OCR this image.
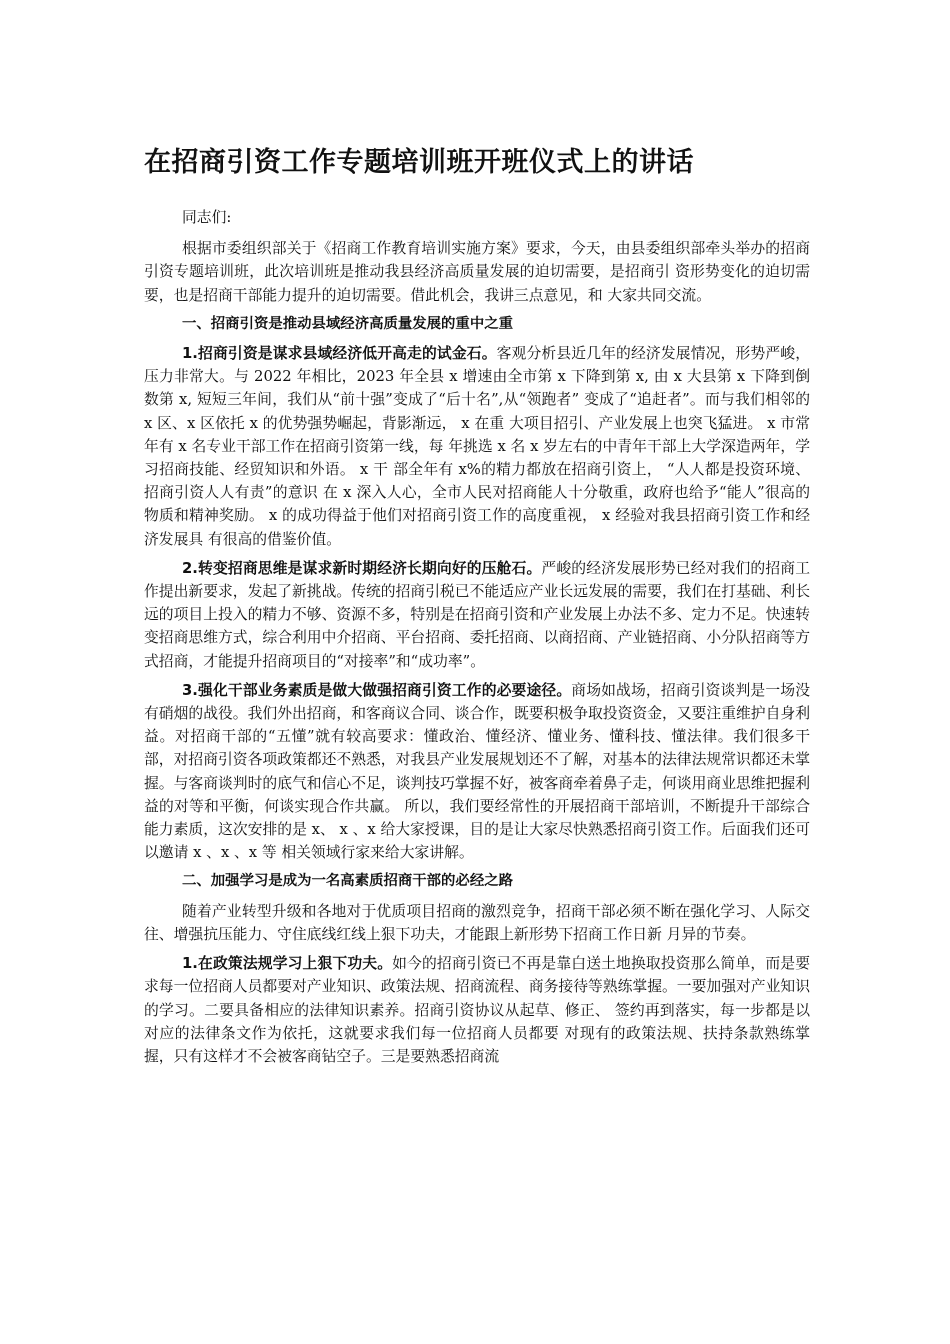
在招商引资工作专题培训班开班仪式上的讲话

同志们:

根据市委组织部关于《招商工作教育培训实施方案》要求，今天，由县委组织部牵头举办的招商引资专题培训班，此次培训班是推动我县经济高质量发展的迫切需要，是招商引 资形势变化的迫切需要，也是招商干部能力提升的迫切需要。借此机会，我讲三点意见，和 大家共同交流。

一、招商引资是推动县域经济高质量发展的重中之重

1.招商引资是谋求县域经济低开高走的试金石。客观分析县近几年的经济发展情况，形势严峻，压力非常大。与 2022 年相比，2023 年全县 x 增速由全市第 x 下降到第 x, 由 x 大县第 x 下降到倒数第 x, 短短三年间，我们从“前十强”变成了“后十名”,从“领跑者” 变成了“追赶者”。而与我们相邻的 x 区、x 区依托 x 的优势强势崛起，背影渐远， x 在重 大项目招引、产业发展上也突飞猛进。 x 市常年有 x 名专业干部工作在招商引资第一线，每 年挑选 x 名 x 岁左右的中青年干部上大学深造两年，学习招商技能、经贸知识和外语。 x 干 部全年有 x%的精力都放在招商引资上， “人人都是投资环境、招商引资人人有责”的意识 在 x 深入人心，全市人民对招商能人十分敬重，政府也给予“能人”很高的物质和精神奖励。 x 的成功得益于他们对招商引资工作的高度重视， x 经验对我县招商引资工作和经济发展具 有很高的借鉴价值。

2.转变招商思维是谋求新时期经济长期向好的压舱石。严峻的经济发展形势已经对我们的招商工作提出新要求，发起了新挑战。传统的招商引税已不能适应产业长远发展的需要，我们在打基础、利长远的项目上投入的精力不够、资源不多，特别是在招商引资和产业发展上办法不多、定力不足。快速转变招商思维方式，综合利用中介招商、平台招商、委托招商、以商招商、产业链招商、小分队招商等方式招商，才能提升招商项目的“对接率”和“成功率”。

3.强化干部业务素质是做大做强招商引资工作的必要途径。商场如战场，招商引资谈判是一场没有硝烟的战役。我们外出招商，和客商议合同、谈合作，既要积极争取投资资金，又要注重维护自身利益。对招商干部的“五懂”就有较高要求：懂政治、懂经济、懂业务、懂科技、懂法律。我们很多干部，对招商引资各项政策都还不熟悉，对我县产业发展规划还不了解，对基本的法律法规常识都还未掌握。与客商谈判时的底气和信心不足，谈判技巧掌握不好，被客商牵着鼻子走，何谈用商业思维把握利益的对等和平衡，何谈实现合作共赢。 所以，我们要经常性的开展招商干部培训，不断提升干部综合能力素质，这次安排的是 x、 x 、x 给大家授课，目的是让大家尽快熟悉招商引资工作。后面我们还可以邀请 x 、x 、x 等 相关领域行家来给大家讲解。

二、加强学习是成为一名高素质招商干部的必经之路

随着产业转型升级和各地对于优质项目招商的激烈竞争，招商干部必须不断在强化学习、人际交往、增强抗压能力、守住底线红线上狠下功夫，才能跟上新形势下招商工作日新 月异的节奏。

1.在政策法规学习上狠下功夫。如今的招商引资已不再是靠白送土地换取投资那么简单，而是要求每一位招商人员都要对产业知识、政策法规、招商流程、商务接待等熟练掌握。一要加强对产业知识的学习。二要具备相应的法律知识素养。招商引资协议从起草、修正、 签约再到落实，每一步都是以对应的法律条文作为依托，这就要求我们每一位招商人员都要 对现有的政策法规、扶持条款熟练掌握，只有这样才不会被客商钻空子。三是要熟悉招商流
